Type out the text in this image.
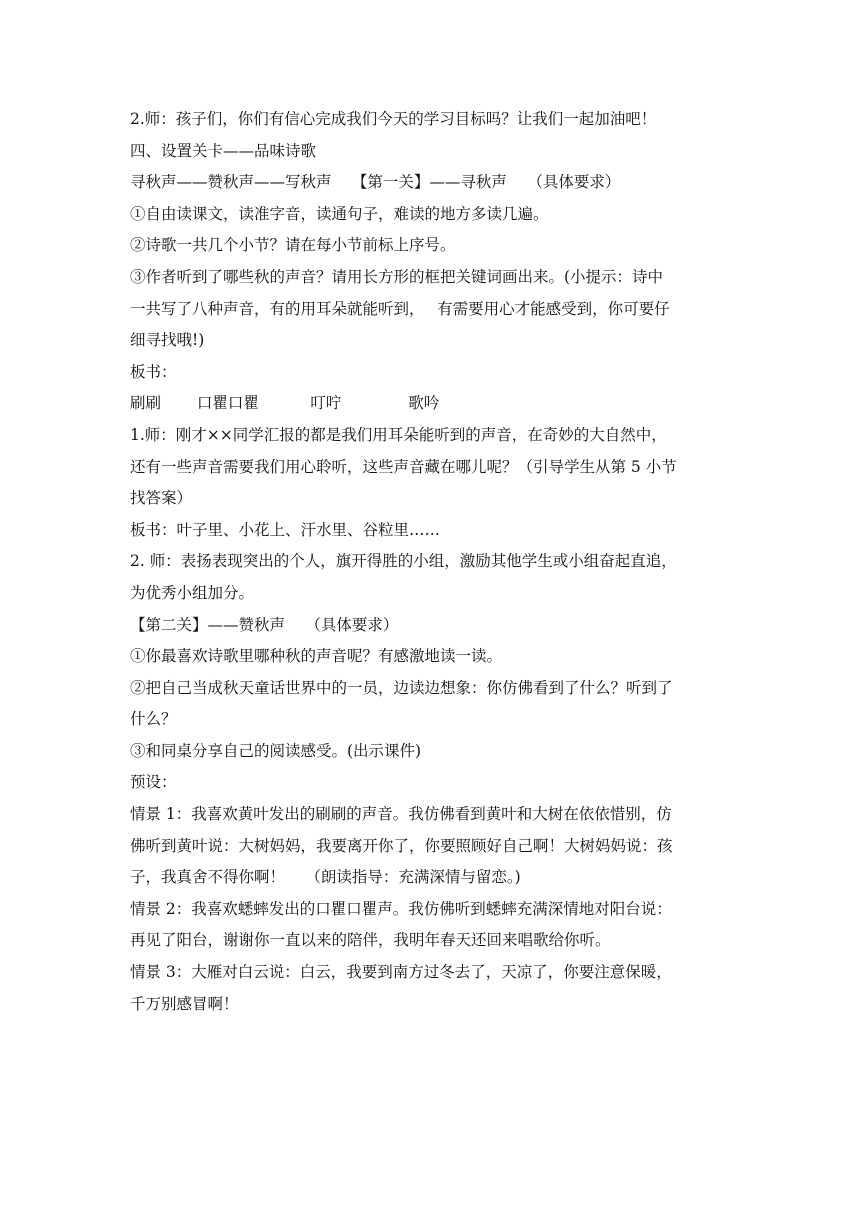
2.师：孩子们，你们有信心完成我们今天的学习目标吗？让我们一起加油吧！
四、设置关卡——品味诗歌
寻秋声——赞秋声——写秋声　 【第一关】——寻秋声　 （具体要求）
①自由读课文，读准字音，读通句子，难读的地方多读几遍。
②诗歌一共几个小节？请在每小节前标上序号。
③作者听到了哪些秋的声音？请用长方形的框把关键词画出来。(小提示：诗中
一共写了八种声音，有的用耳朵就能听到，　 有需要用心才能感受到，你可要仔
细寻找哦!)
板书：
刷刷　　 口瞿口瞿　　　 叮咛　　　　 歌吟
1.师：刚才××同学汇报的都是我们用耳朵能听到的声音，在奇妙的大自然中，
还有一些声音需要我们用心聆听，这些声音藏在哪儿呢？（引导学生从第 5 小节
找答案）
板书：叶子里、小花上、汗水里、谷粒里……
2. 师：表扬表现突出的个人，旗开得胜的小组，激励其他学生或小组奋起直追，
为优秀小组加分。
【第二关】——赞秋声　 （具体要求）
①你最喜欢诗歌里哪种秋的声音呢？有感激地读一读。
②把自己当成秋天童话世界中的一员，边读边想象：你仿佛看到了什么？听到了
什么？
③和同桌分享自己的阅读感受。(出示课件)
预设：
情景 1：我喜欢黄叶发出的刷刷的声音。我仿佛看到黄叶和大树在依依惜别，仿
佛听到黄叶说：大树妈妈，我要离开你了，你要照顾好自己啊！大树妈妈说：孩
子，我真舍不得你啊！　 （朗读指导：充满深情与留恋。)
情景 2：我喜欢蟋蟀发出的口瞿口瞿声。我仿佛听到蟋蟀充满深情地对阳台说：
再见了阳台，谢谢你一直以来的陪伴，我明年春天还回来唱歌给你听。
情景 3：大雁对白云说：白云，我要到南方过冬去了，天凉了，你要注意保暖，
千万别感冒啊！
